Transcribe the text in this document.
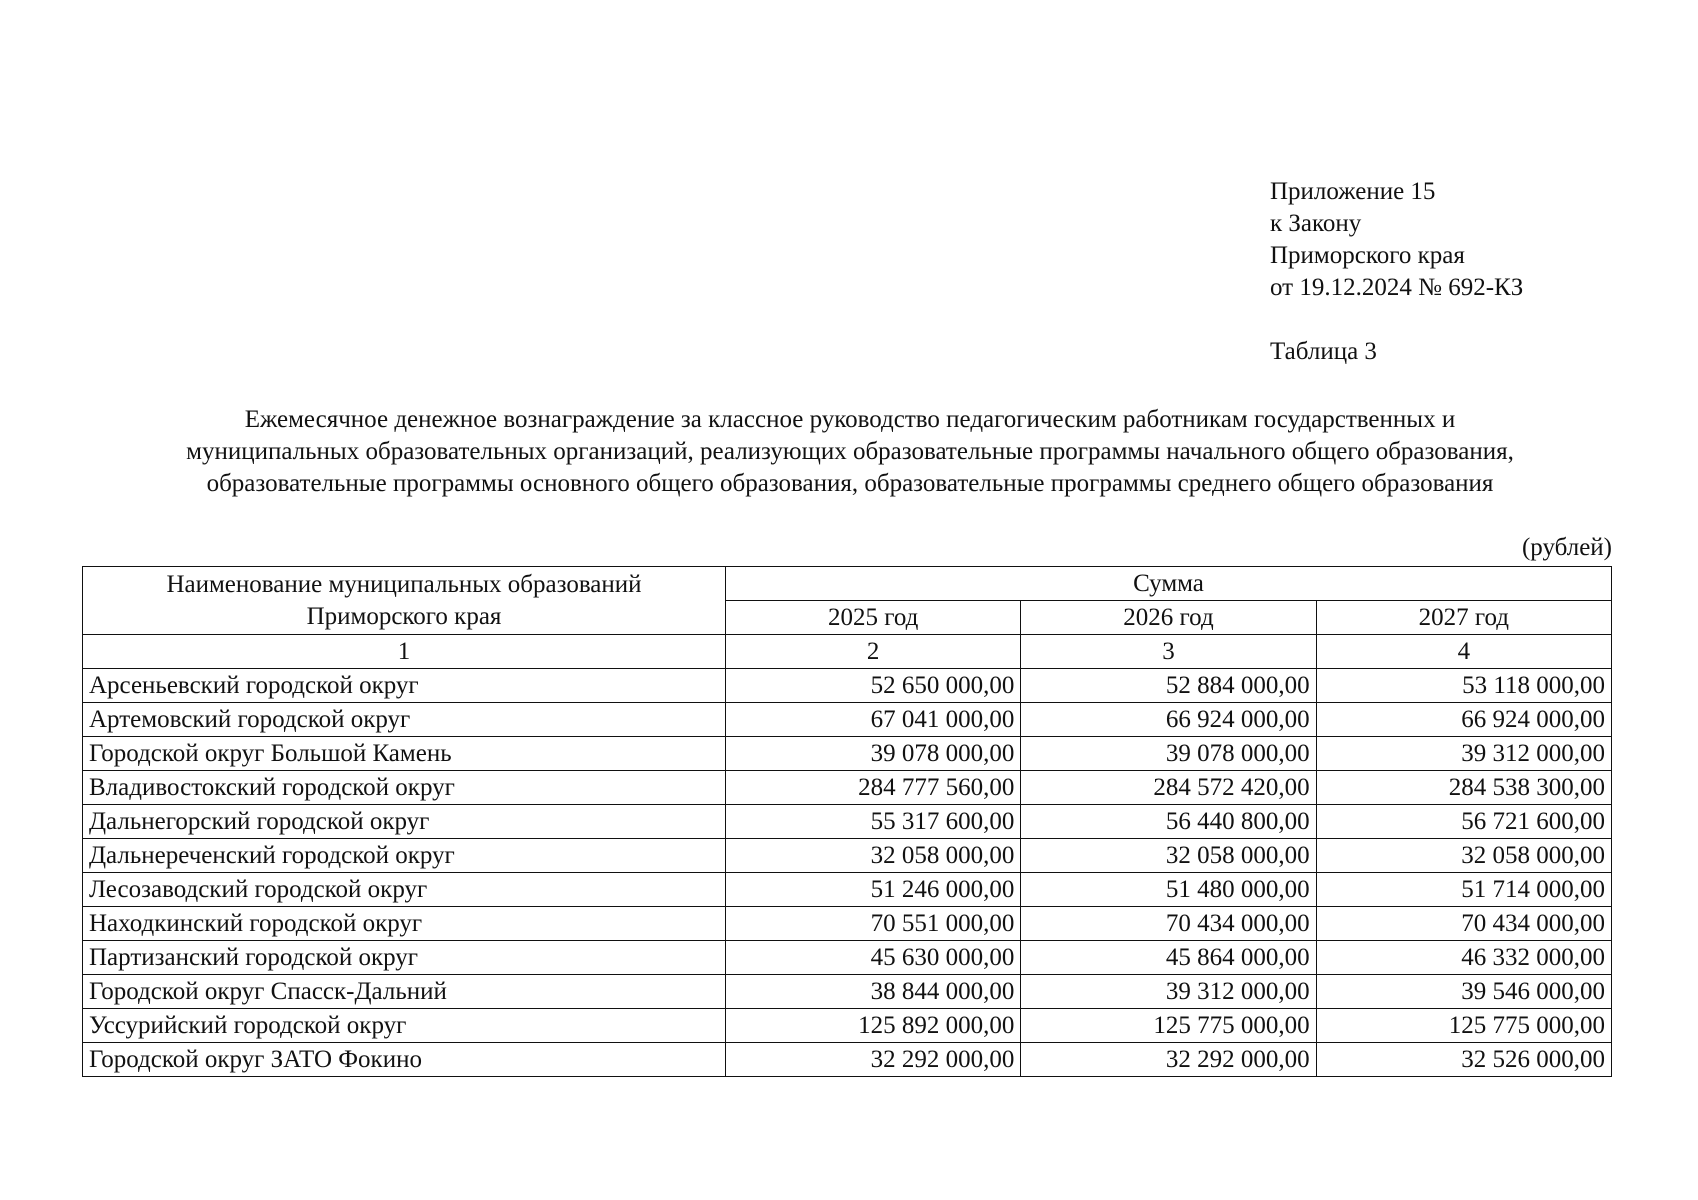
Приложение 15
к Закону
Приморского края
от 19.12.2024 № 692-КЗ
Таблица 3
Ежемесячное денежное вознаграждение за классное руководство педагогическим работникам государственных и
муниципальных образовательных организаций, реализующих образовательные программы начального общего образования,
образовательные программы основного общего образования, образовательные программы среднего общего образования
(рублей)
Наименование муниципальных образований
Приморского края	Сумма		
	2025 год	2026 год	2027 год
1	2	3	4
Арсеньевский городской округ	52 650 000,00	52 884 000,00	53 118 000,00
Артемовский городской округ	67 041 000,00	66 924 000,00	66 924 000,00
Городской округ Большой Камень	39 078 000,00	39 078 000,00	39 312 000,00
Владивостокский городской округ	284 777 560,00	284 572 420,00	284 538 300,00
Дальнегорский городской округ	55 317 600,00	56 440 800,00	56 721 600,00
Дальнереченский городской округ	32 058 000,00	32 058 000,00	32 058 000,00
Лесозаводский городской округ	51 246 000,00	51 480 000,00	51 714 000,00
Находкинский городской округ	70 551 000,00	70 434 000,00	70 434 000,00
Партизанский городской округ	45 630 000,00	45 864 000,00	46 332 000,00
Городской округ Спасск-Дальний	38 844 000,00	39 312 000,00	39 546 000,00
Уссурийский городской округ	125 892 000,00	125 775 000,00	125 775 000,00
Городской округ ЗАТО Фокино	32 292 000,00	32 292 000,00	32 526 000,00
